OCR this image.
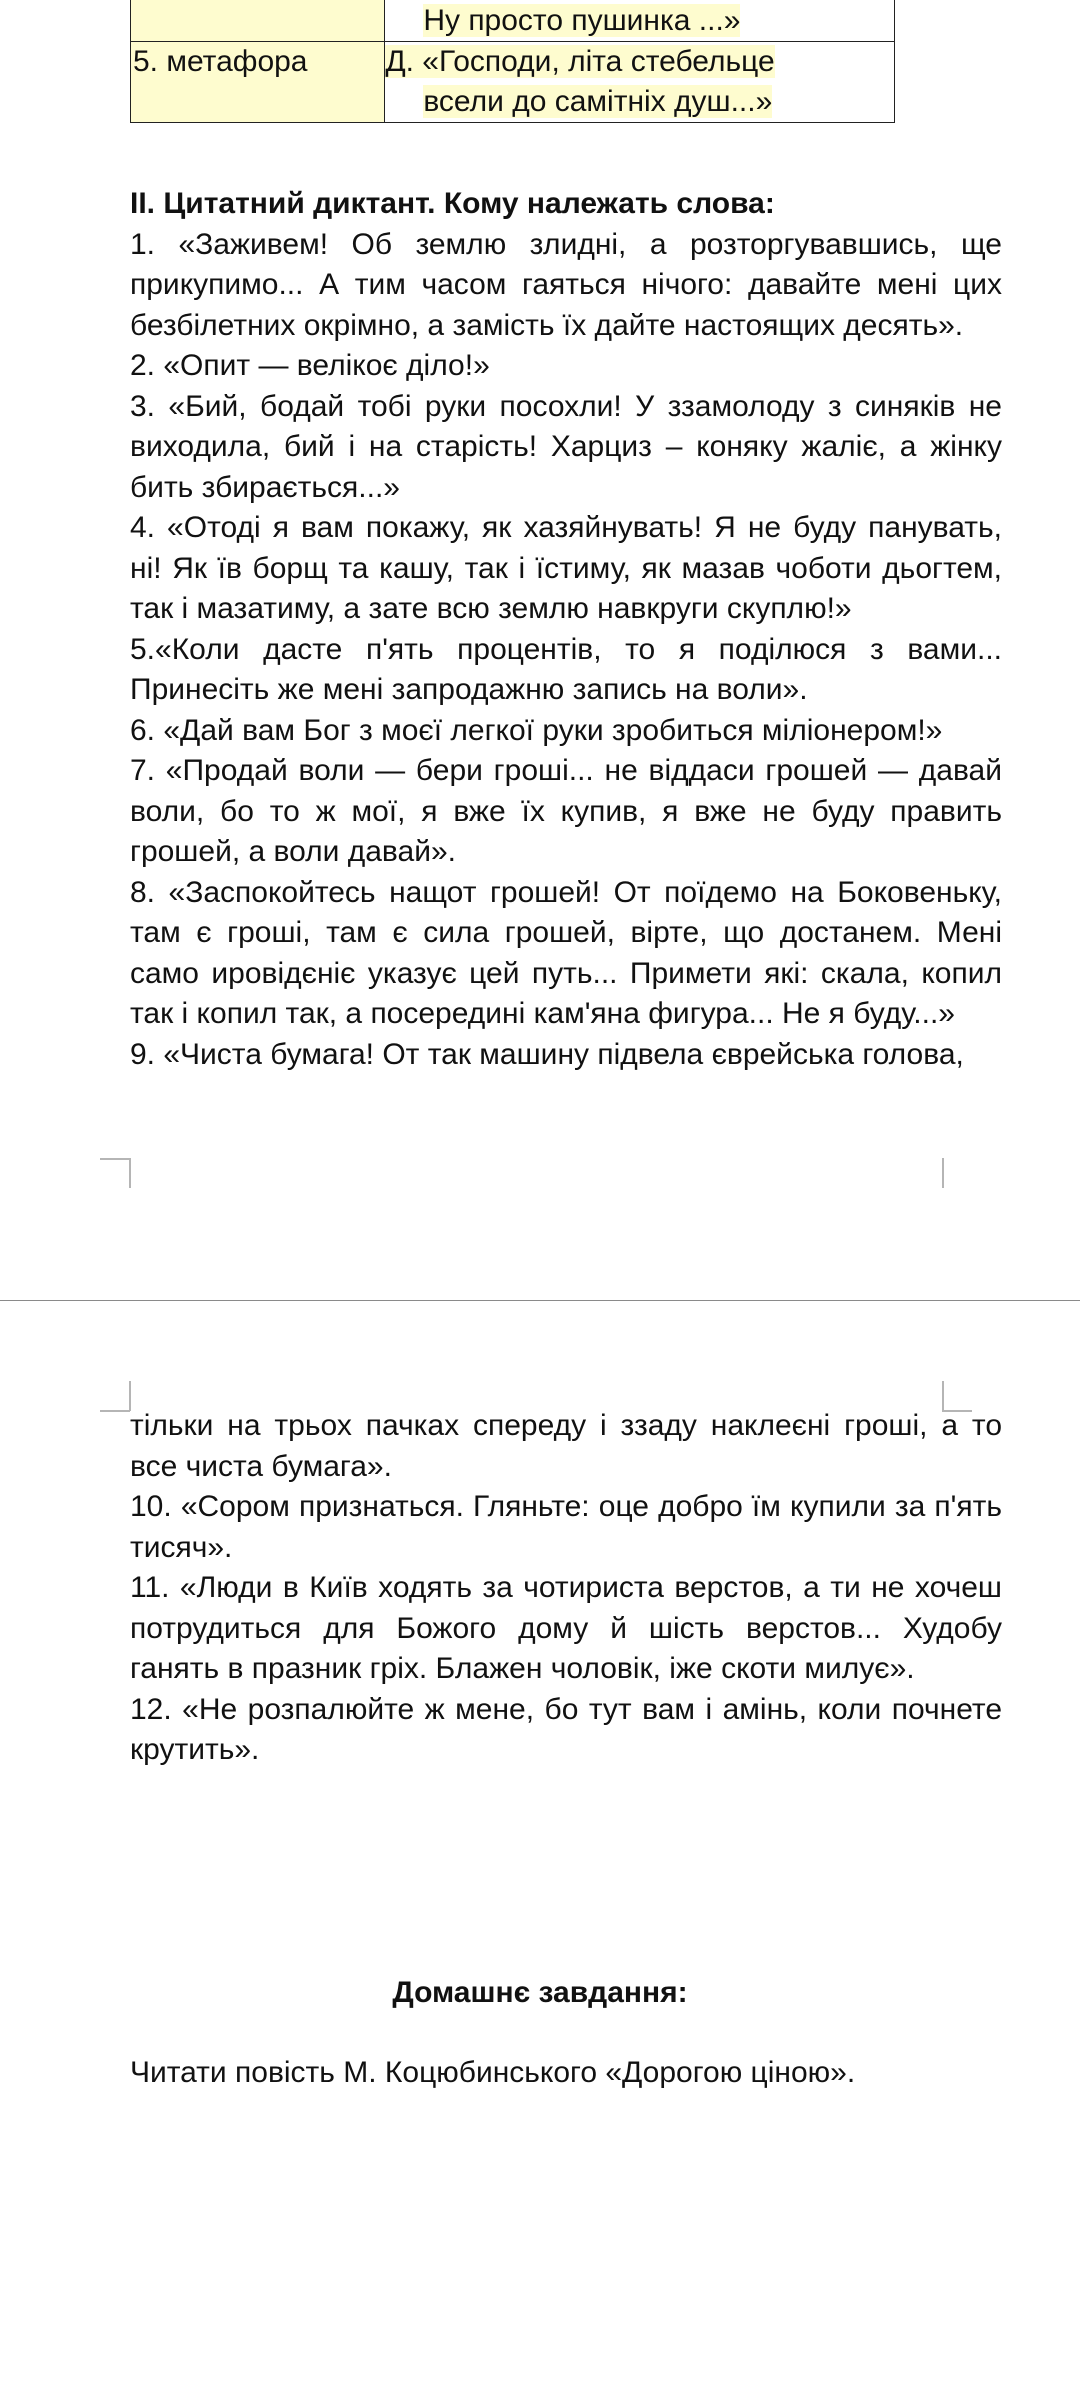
	Ну просто пушинка ...»

5. метафора	Д. «Господи, літа стебельце
всели до самітніх душ...»

ІІ. Цитатний диктант. Кому належать слова:

1. «Заживем! Об землю злидні, а розторгувавшись, ще прикупимо... А тим часом гаяться нічого: давайте мені цих безбілетних окрімно, а замість їх дайте настоящих десять».

2. «Опит — велікоє діло!»

3. «Бий, бодай тобі руки посохли! У ззамолоду з синяків не виходила, бий і на старість! Харциз – коняку жаліє, а жінку бить збирається...»

4. «Отоді я вам покажу, як хазяйнувать! Я не буду панувать, ні! Як їв борщ та кашу, так і їстиму, як мазав чоботи дьогтем, так і мазатиму, а зате всю землю навкруги скуплю!»

5.«Коли дасте п'ять процентів, то я поділюся з вами... Принесіть же мені запродажню запись на воли».

6. «Дай вам Бог з моєї легкої руки зробиться міліонером!»

7. «Продай воли — бери гроші... не віддаси грошей — давай воли, бо то ж мої, я вже їх купив, я вже не буду править грошей, а воли давай».

8. «Заспокойтесь нащот грошей! От поїдемо на Боковеньку, там є гроші, там є сила грошей, вірте, що достанем. Мені само ировідєніє указує цей путь... Примети які: скала, копил так і копил так, а посередині кам'яна фигура... Не я буду...»

9. «Чиста бумага! От так машину підвела єврейська голова,

тільки на трьох пачках спереду і ззаду наклеєні гроші, а то все чиста бумага».

10. «Сором признаться. Гляньте: оце добро їм купили за п'ять тисяч».

11. «Люди в Київ ходять за чотириста верстов, а ти не хочеш потрудиться для Божого дому й шість верстов... Худобу ганять в празник гріх. Блажен чоловік, іже скоти милує».

12. «Не розпалюйте ж мене, бо тут вам і амінь, коли почнете крутить».

Домашнє завдання:

Читати повість М. Коцюбинського «Дорогою ціною».
